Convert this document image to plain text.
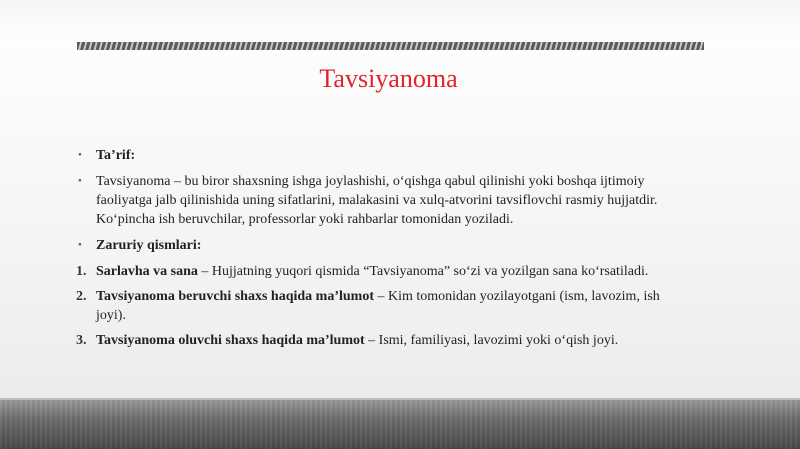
Tavsiyanoma
•	Ta’rif:
•	Tavsiyanoma – bu biror shaxsning ishga joylashishi, o‘qishga qabul qilinishi yoki boshqa ijtimoiy faoliyatga jalb qilinishida uning sifatlarini, malakasini va xulq-atvorini tavsiflovchi rasmiy hujjatdir. Ko‘pincha ish beruvchilar, professorlar yoki rahbarlar tomonidan yoziladi.
•	Zaruriy qismlari:
1. Sarlavha va sana – Hujjatning yuqori qismida “Tavsiyanoma” so‘zi va yozilgan sana ko‘rsatiladi.
2. Tavsiyanoma beruvchi shaxs haqida ma’lumot – Kim tomonidan yozilayotgani (ism, lavozim, ish joyi).
3. Tavsiyanoma oluvchi shaxs haqida ma’lumot – Ismi, familiyasi, lavozimi yoki o‘qish joyi.
